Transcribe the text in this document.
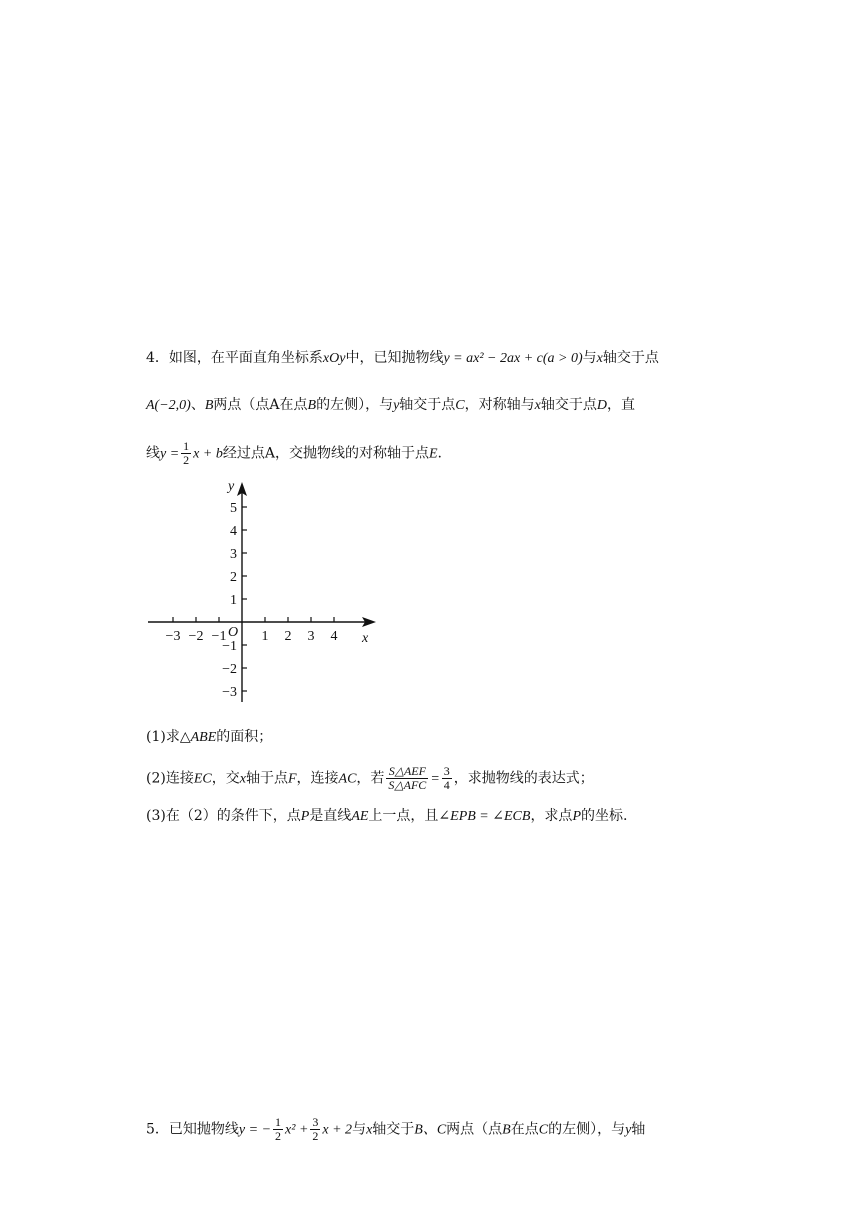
4．如图，在平面直角坐标系xOy中，已知抛物线y = ax² − 2ax + c(a > 0)与x轴交于点
A(−2,0)、B两点（点A在点B的左侧），与y轴交于点C，对称轴与x轴交于点D，直
线$y = \frac{1}{2}$ x + b经过点A，交抛物线的对称轴于点E.
−3 −2 −1	1 2 3 4
5
4
3
2
1
−1
−2
−3
x
y
O
(1)求△ABE的面积；
(2)连接EC，交x轴于点F，连接AC，若 $\frac{\text{S△AEF}}{\text{S△AFC}} = \frac{3}{4}$ ，求抛物线的表达式；
(3)在（2）的条件下，点P是直线AE上一点，且∠EPB = ∠ECB，求点P的坐标.
5．已知抛物线y = − $\frac{1}{2} x^2 + \frac{3}{2}$ x + 2与x轴交于B、C两点（点B在点C的左侧），与y轴
